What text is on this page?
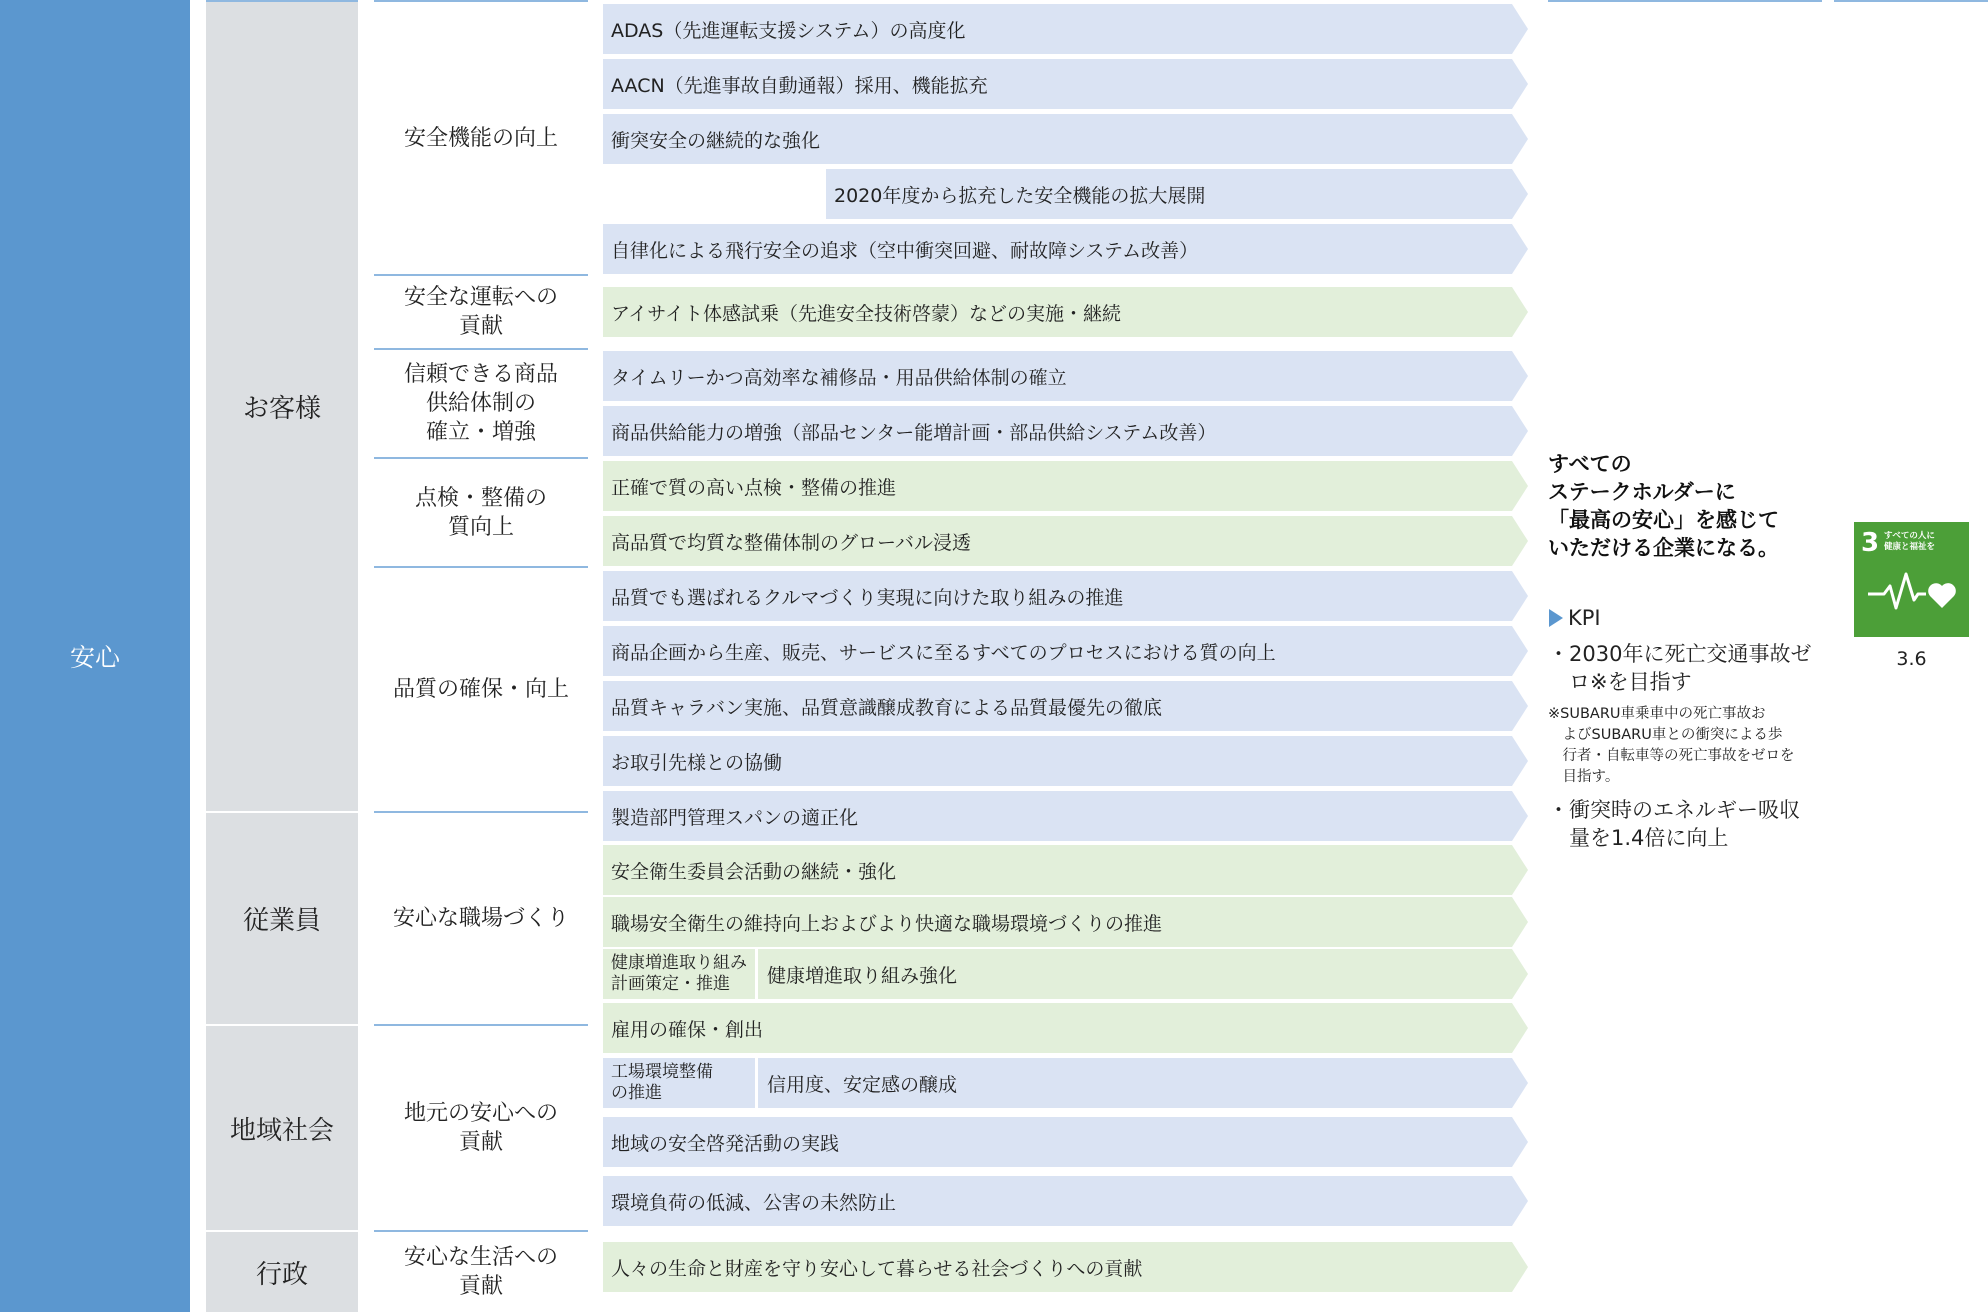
安心
お客様
従業員
地域社会
行政
安全機能の向上
安全な運転への
貢献
信頼できる商品
供給体制の
確立・増強
点検・整備の
質向上
品質の確保・向上
安心な職場づくり
地元の安心への
貢献
安心な生活への
貢献
ADAS（先進運転支援システム）の高度化
AACN（先進事故自動通報）採用、機能拡充
衝突安全の継続的な強化
2020年度から拡充した安全機能の拡大展開
自律化による飛行安全の追求（空中衝突回避、耐故障システム改善）
アイサイト体感試乗（先進安全技術啓蒙）などの実施・継続
タイムリーかつ高効率な補修品・用品供給体制の確立
商品供給能力の増強（部品センター能増計画・部品供給システム改善）
正確で質の高い点検・整備の推進
高品質で均質な整備体制のグローバル浸透
品質でも選ばれるクルマづくり実現に向けた取り組みの推進
商品企画から生産、販売、サービスに至るすべてのプロセスにおける質の向上
品質キャラバン実施、品質意識醸成教育による品質最優先の徹底
お取引先様との協働
製造部門管理スパンの適正化
安全衛生委員会活動の継続・強化
職場安全衛生の維持向上およびより快適な職場環境づくりの推進
健康増進取り組み
計画策定・推進	健康増進取り組み強化
雇用の確保・創出
工場環境整備
の推進	信用度、安定感の醸成
地域の安全啓発活動の実践
環境負荷の低減、公害の未然防止
人々の生命と財産を守り安心して暮らせる社会づくりへの貢献
すべての
ステークホルダーに
「最高の安心」を感じて
いただける企業になる。
KPI
・2030年に死亡交通事故ゼ
　ロ※を目指す
※SUBARU車乗車中の死亡事故お
　よびSUBARU車との衝突による歩
　行者・自転車等の死亡事故をゼロを
　目指す。
・衝突時のエネルギー吸収
　量を1.4倍に向上
3 すべての人に
健康と福祉を
3.6
